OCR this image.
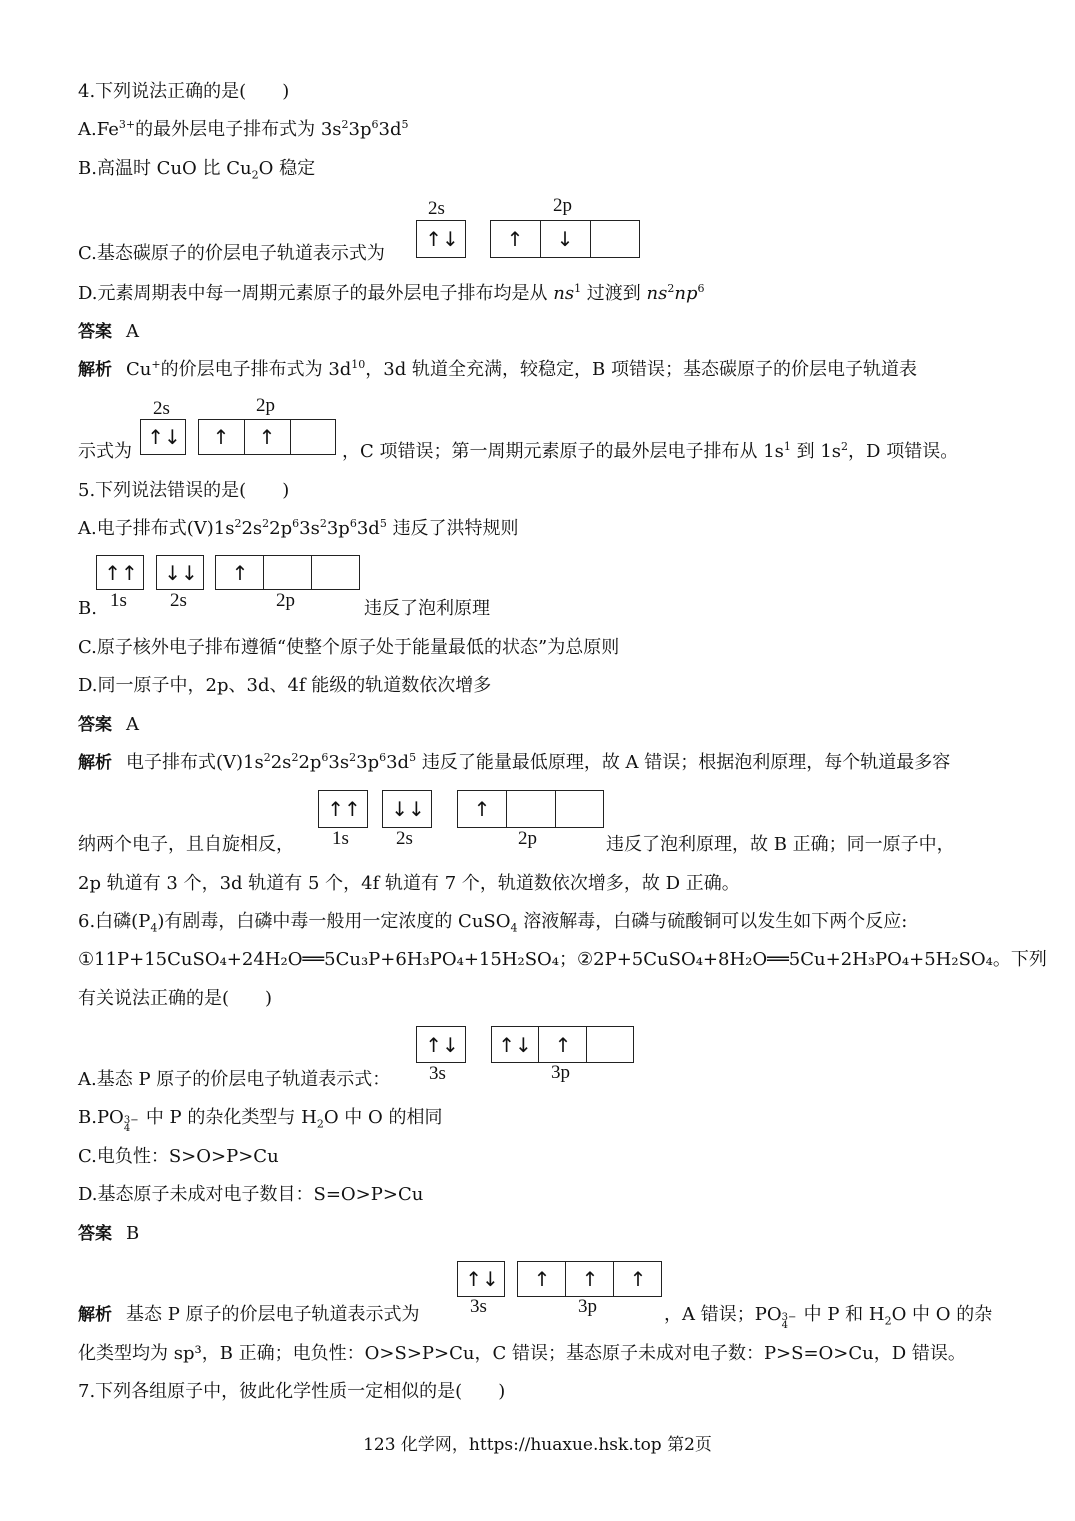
4.下列说法正确的是(　　)
$A.Fe^{3+}$的最外层电子排布式为 $3s^23p^63d^5$
B.高温时 CuO 比 $Cu_2O$ 稳定
C.基态碳原子的价层电子轨道表示式为
2s	2p
↑↓ ↑ ↓
D.元素周期表中每一周期元素原子的最外层电子排布均是从 $ns^1$ 过渡到 $ns^2np^6$
答案 A
解析 Cu+的价层电子排布式为 $3d^{10}$，3d 轨道全充满，较稳定，B 项错误；基态碳原子的价层电子轨道表
示式为
2s	2p
↑↓ ↑ ↑
，C 项错误；第一周期元素原子的最外层电子排布从 $1s^1$ 到 $1s^2$，D 项错误。
5.下列说法错误的是(　　)
A.电子排布式$(V)1s^22s^22p^63s^23p^63d^5$ 违反了洪特规则
↑↑ ↓↓ ↑
B. 1s 2s	2p	违反了泡利原理
C.原子核外电子排布遵循“使整个原子处于能量最低的状态”为总原则
D.同一原子中，2p、3d、4f 能级的轨道数依次增多
答案 A
解析 电子排布式$(V)1s^22s^22p^63s^23p^63d^5$ 违反了能量最低原理，故 A 错误；根据泡利原理，每个轨道最多容
纳两个电子，且自旋相反，
↑↑ ↓↓ ↑
1s 2s	2p	违反了泡利原理，故 B 正确；同一原子中，
2p 轨道有 3 个，3d 轨道有 5 个，4f 轨道有 7 个，轨道数依次增多，故 D 正确。
6.白磷$(P_4)$有剧毒，白磷中毒一般用一定浓度的 CuSO$_4$ 溶液解毒，白磷与硫酸铜可以发生如下两个反应:
①11P+15CuSO₄+24H₂O══5Cu₃P+6H₃PO₄+15H₂SO₄；②2P+5CuSO₄+8H₂O══5Cu+2H₃PO₄+5H₂SO₄。下列
有关说法正确的是(　　)
A.基态 P 原子的价层电子轨道表示式：
↑↓ ↑↓ ↑
3s	3p
B.PO 3−
4
中 P 的杂化类型与 $H_2O$ 中 O 的相同
C.电负性：S>O>P>Cu
D.基态原子未成对电子数目：S=O>P>Cu
答案 B
解析 基态 P 原子的价层电子轨道表示式为
↑↓ ↑ ↑ ↑
3s	3p	，A 错误；PO 3−
4
中 P 和 $H_2O$ 中 O 的杂
化类型均为 sp³，B 正确；电负性：O>S>P>Cu，C 错误；基态原子未成对电子数：P>S=O>Cu，D 错误。
7.下列各组原子中，彼此化学性质一定相似的是(　　)
123 化学网，https://huaxue.hsk.top 第2页
